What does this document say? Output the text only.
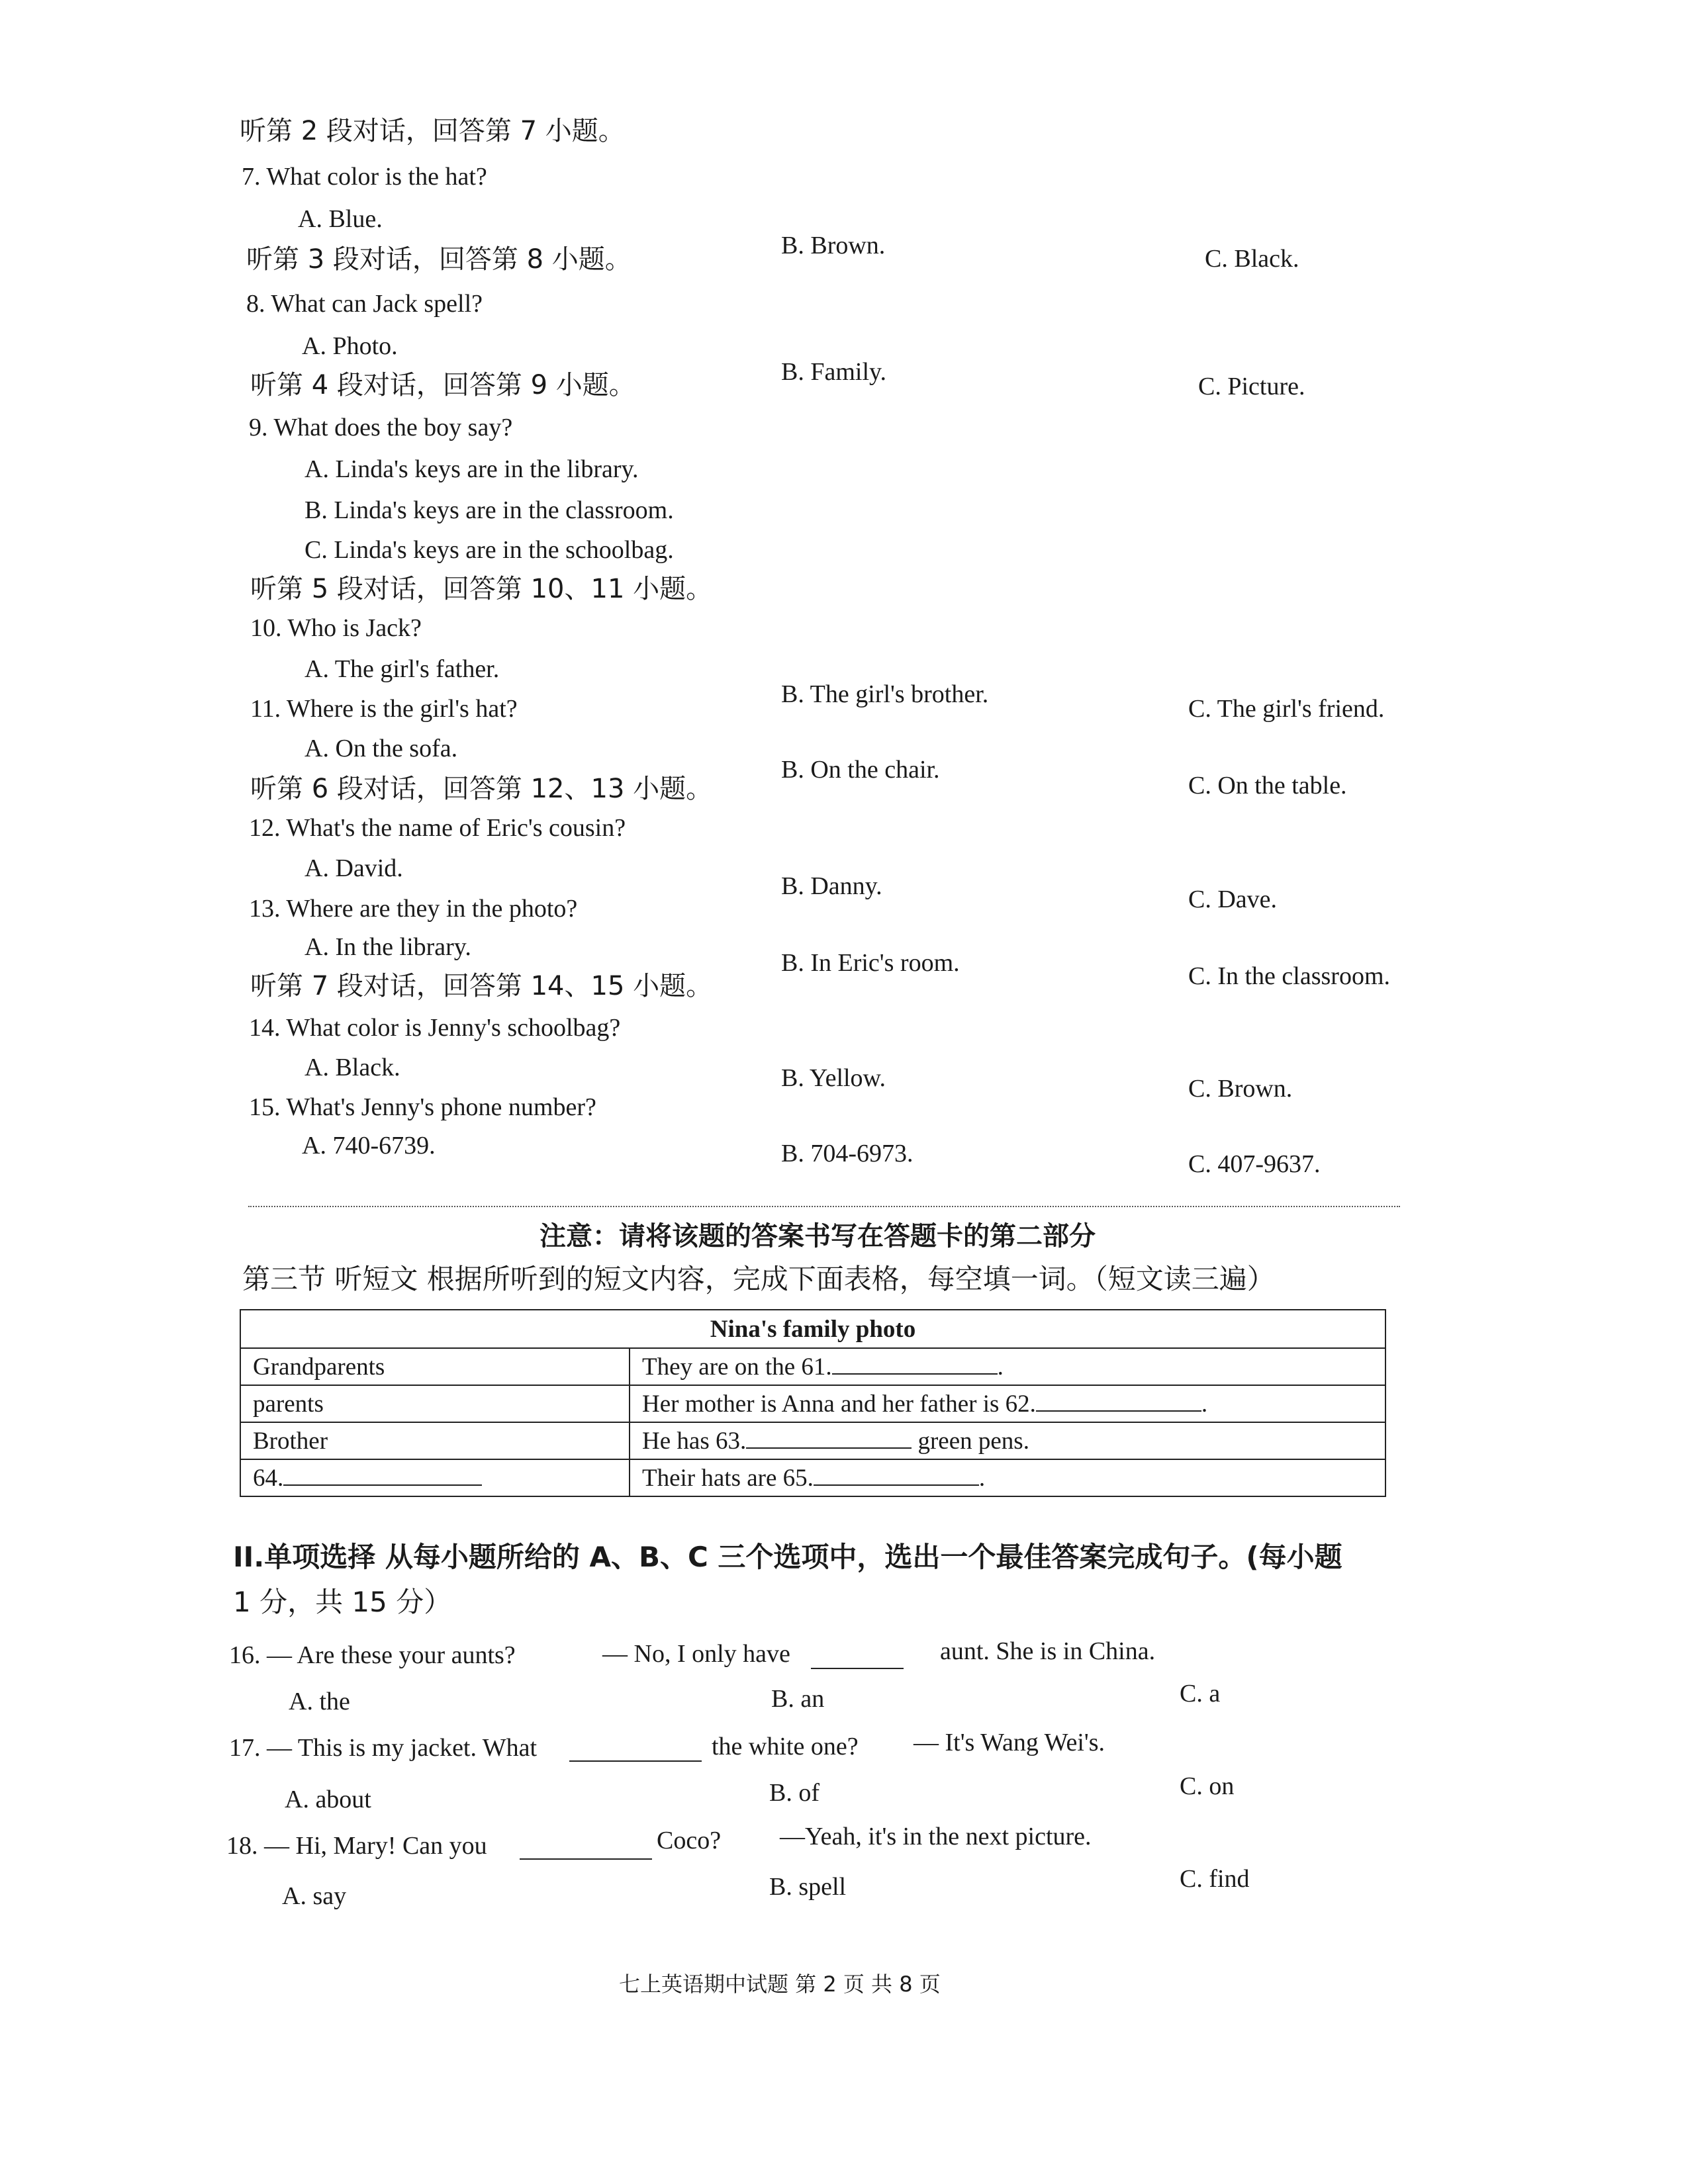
听第 2 段对话，回答第 7 小题。
7. What color is the hat?
A. Blue.
B. Brown.	C. Black.
听第 3 段对话，回答第 8 小题。
8. What can Jack spell?
A. Photo.
B. Family.
C. Picture.
听第 4 段对话，回答第 9 小题。
9. What does the boy say?
A. Linda's keys are in the library.
B. Linda's keys are in the classroom.
C. Linda's keys are in the schoolbag.
听第 5 段对话，回答第 10、11 小题。
10. Who is Jack?
A. The girl's father.
B. The girl's brother.
C. The girl's friend.
11. Where is the girl's hat?
A. On the sofa.
B. On the chair.
C. On the table.
听第 6 段对话，回答第 12、13 小题。
12. What's the name of Eric's cousin?
A. David.
B. Danny.	C. Dave.
13. Where are they in the photo?
A. In the library.
B. In Eric's room.	C. In the classroom.
听第 7 段对话，回答第 14、15 小题。
14. What color is Jenny's schoolbag?
A. Black.	B. Yellow.	C. Brown.
15. What's Jenny's phone number?
A. 740-6739.	B. 704-6973.	C. 407-9637.
注意：请将该题的答案书写在答题卡的第二部分
第三节 听短文 根据所听到的短文内容，完成下面表格，每空填一词。（短文读三遍）
Nina's family photo	
Grandparents	They are on the 61. .
parents	Her mother is Anna and her father is 62. .
Brother	He has 63. green pens.
64.	Their hats are 65. .
II.单项选择 从每小题所给的 A、B、C 三个选项中，选出一个最佳答案完成句子。(每小题
1 分，共 15 分）
16. — Are these your aunts?	— No, I only have	aunt. She is in China.
A. the	B. an	C. a
17. — This is my jacket. What	the white one? — It's Wang Wei's.
A. about	B. of	C. on
18. — Hi, Mary! Can you	Coco? —Yeah, it's in the next picture.
A. say	B. spell	C. find
七上英语期中试题 第 2 页 共 8 页
